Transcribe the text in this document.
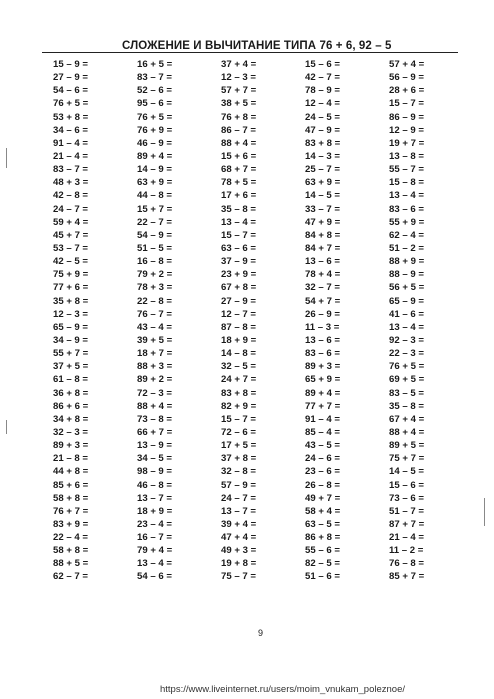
СЛОЖЕНИЕ И ВЫЧИТАНИЕ ТИПА 76 + 6, 92 – 5
15 – 9 =	16 + 5 =	37 + 4 =	15 – 6 =	57 + 4 =
27 – 9 =	83 – 7 =	12 – 3 =	42 – 7 =	56 – 9 =
54 – 6 =	52 – 6 =	57 + 7 =	78 – 9 =	28 + 6 =
76 + 5 =	95 – 6 =	38 + 5 =	12 – 4 =	15 – 7 =
53 + 8 =	76 + 5 =	76 + 8 =	24 – 5 =	86 – 9 =
34 – 6 =	76 + 9 =	86 – 7 =	47 – 9 =	12 – 9 =
91 – 4 =	46 – 9 =	88 + 4 =	83 + 8 =	19 + 7 =
21 – 4 =	89 + 4 =	15 + 6 =	14 – 3 =	13 – 8 =
83 – 7 =	14 – 9 =	68 + 7 =	25 – 7 =	55 – 7 =
48 + 3 =	63 + 9 =	78 + 5 =	63 + 9 =	15 – 8 =
42 – 8 =	44 – 8 =	17 + 6 =	14 – 5 =	13 – 4 =
24 – 7 =	15 + 7 =	35 – 8 =	33 – 7 =	83 – 6 =
59 + 4 =	22 – 7 =	13 – 4 =	47 + 9 =	55 + 9 =
45 + 7 =	54 – 9 =	15 – 7 =	84 + 8 =	62 – 4 =
53 – 7 =	51 – 5 =	63 – 6 =	84 + 7 =	51 – 2 =
42 – 5 =	16 – 8 =	37 – 9 =	13 – 6 =	88 + 9 =
75 + 9 =	79 + 2 =	23 + 9 =	78 + 4 =	88 – 9 =
77 + 6 =	78 + 3 =	67 + 8 =	32 – 7 =	56 + 5 =
35 + 8 =	22 – 8 =	27 – 9 =	54 + 7 =	65 – 9 =
12 – 3 =	76 – 7 =	12 – 7 =	26 – 9 =	41 – 6 =
65 – 9 =	43 – 4 =	87 – 8 =	11 – 3 =	13 – 4 =
34 – 9 =	39 + 5 =	18 + 9 =	13 – 6 =	92 – 3 =
55 + 7 =	18 + 7 =	14 – 8 =	83 – 6 =	22 – 3 =
37 + 5 =	88 + 3 =	32 – 5 =	89 + 3 =	76 + 5 =
61 – 8 =	89 + 2 =	24 + 7 =	65 + 9 =	69 + 5 =
36 + 8 =	72 – 3 =	83 + 8 =	89 + 4 =	83 – 5 =
86 + 6 =	88 + 4 =	82 + 9 =	77 + 7 =	35 – 8 =
34 + 8 =	73 – 8 =	15 – 7 =	91 – 4 =	67 + 4 =
32 – 3 =	66 + 7 =	72 – 6 =	85 – 4 =	88 + 4 =
89 + 3 =	13 – 9 =	17 + 5 =	43 – 5 =	89 + 5 =
21 – 8 =	34 – 5 =	37 + 8 =	24 – 6 =	75 + 7 =
44 + 8 =	98 – 9 =	32 – 8 =	23 – 6 =	14 – 5 =
85 + 6 =	46 – 8 =	57 – 9 =	26 – 8 =	15 – 6 =
58 + 8 =	13 – 7 =	24 – 7 =	49 + 7 =	73 – 6 =
76 + 7 =	18 + 9 =	13 – 7 =	58 + 4 =	51 – 7 =
83 + 9 =	23 – 4 =	39 + 4 =	63 – 5 =	87 + 7 =
22 – 4 =	16 – 7 =	47 + 4 =	86 + 8 =	21 – 4 =
58 + 8 =	79 + 4 =	49 + 3 =	55 – 6 =	11 – 2 =
88 + 5 =	13 – 4 =	19 + 8 =	82 – 5 =	76 – 8 =
62 – 7 =	54 – 6 =	75 – 7 =	51 – 6 =	85 + 7 =
9
https://www.liveinternet.ru/users/moim_vnukam_poleznoe/
